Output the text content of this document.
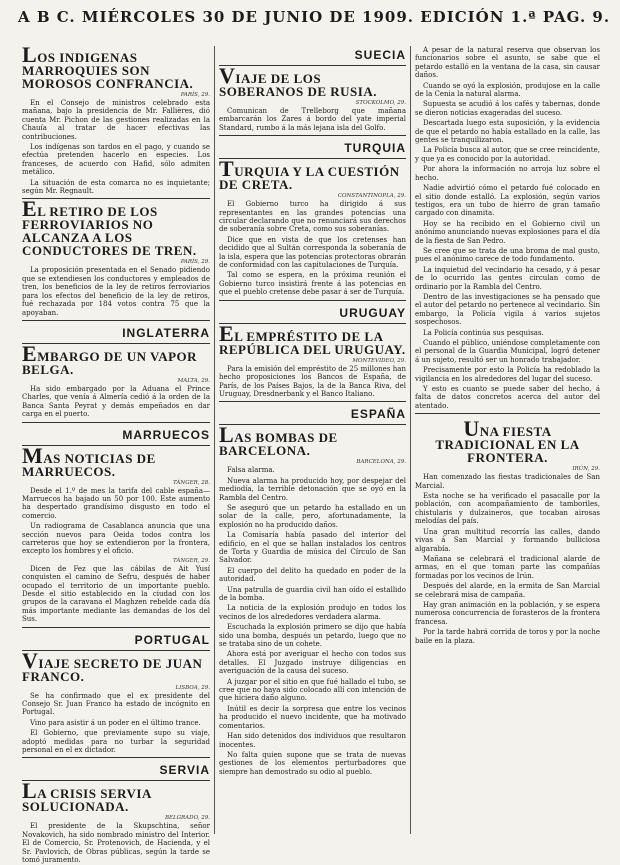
A B C. MIÉRCOLES 30 DE JUNIO DE 1909. EDICIÓN 1.ª PAG. 9.
LOS INDIGENAS MARROQUIES SON MOROSOS CONFRANCIA.
PARÍS, 29.

En el Consejo de ministros celebrado esta mañana, bajo la presidencia de Mr. Fallières, dió cuenta Mr. Pichon de las gestiones realizadas en la Chauía al tratar de hacer efectivas las contribuciones.

Los indígenas son tardos en el pago, y cuando se efectúa pretenden hacerlo en especies. Los franceses, de acuerdo con Hafid, sólo admiten metálico.

La situación de esta comarca no es inquietante; según Mr. Regnault.

EL RETIRO DE LOS FERROVIARIOS NO ALCANZA A LOS CONDUCTORES DE TREN.
PARÍS, 29.

La proposición presentada en el Senado pidiendo que se extendiesen los conductores y empleados de tren, los beneficios de la ley de retiros ferroviarios para los efectos del beneficio de la ley de retiros, fué rechazada por 184 votos contra 75 que la apoyaban.

INGLATERRA
EMBARGO DE UN VAPOR BELGA.
MALTA, 29.

Ha sido embargado por la Aduana el Prince Charles, que venía á Almería cedió á la orden de la Banca Santa Peyrat y demás empeñados en dar carga en el puerto.

MARRUECOS
MAS NOTICIAS DE MARRUECOS.
TÁNGER, 28.

Desde el 1.º de mes la tarifa del cable españa—Marruecos ha bajado un 50 por 100. Este aumento ha despertado grandísimo disgusto en todo el comercio.

Un radiograma de Casablanca anuncia que una sección nuevos para Oeida todos contra los carreteros que hoy se extendieron por la frontera, excepto los hombres y el oficio.

TÁNGER, 29.

Dicen de Fez que las cábilas de Ait Yusí conquisten el camino de Sefru, después de haber ocupado el territorio de un importante pueblo. Desde el sitio establecido en la ciudad con los grupos de la caravana el Maghzen rebelde cada día más importante mediante las demandas de los del Sus.

PORTUGAL
VIAJE SECRETO DE JUAN FRANCO.
LISBOA, 29.

Se ha confirmado que el ex presidente del Consejo Sr. Juan Franco ha estado de incógnito en Portugal.

Vino para asistir á un poder en el último trance.

El Gobierno, que previamente supo su viaje, adoptó medidas para no turbar la seguridad personal en el ex dictador.

SERVIA
LA CRISIS SERVIA SOLUCIONADA.
BELGRADO, 29.

El presidente de la Skupschtina, señor Novakovich, ha sido nombrado ministro del Interior. El de Comercio, Sr. Protenovich, de Hacienda, y el Sr. Pavlovich, de Obras públicas, según la tarde se tomó juramento.

SUECIA
VIAJE DE LOS SOBERANOS DE RUSIA.
STOCKOLMO, 29.

Comunican de Trelleborg que mañana embarcarán los Zares á bordo del yate imperial Standard, rumbo á la más lejana isla del Golfo.

TURQUIA
TURQUIA Y LA CUESTIÓN DE CRETA.
CONSTANTINOPLA, 29.

El Gobierno turco ha dirigido á sus representantes en las grandes potencias una circular declarando que no renunciará sus derechos de soberanía sobre Creta, como sus soberanías.

Dice que en vista de que los cretenses han decidido que al Sultán corresponda la soberanía de la isla, espera que las potencias protectoras obrarán de conformidad con las capitulaciones de Turquía.

Tal como se espera, en la próxima reunión el Gobierno turco insistirá frente á las potencias en que el pueblo cretense debe pasar á ser de Turquía.

URUGUAY
EL EMPRÉSTITO DE LA REPÚBLICA DEL URUGUAY.
MONTEVIDEO, 29.

Para la emisión del empréstito de 25 millones han hecho proposiciones los Bancos de España, de París, de los Países Bajos, la de la Banca Riva, del Uruguay, Dresdnerbank y el Banco Italiano.

ESPAÑA
LAS BOMBAS DE BARCELONA.
BARCELONA, 29.

Falsa alarma.

Nueva alarma ha producido hoy, por despejar del mediodía, la terrible detonación que se oyó en la Rambla del Centro.

Se aseguró que un petardo ha estallado en un solar de la calle, pero, afortunadamente, la explosión no ha producido daños.

La Comisaría había pasado del interior del edificio, en el que se hallan instalados los centros de Torta y Guardia de música del Círculo de San Salvador.

El cuerpo del delito ha quedado en poder de la autoridad.

Una patrulla de guardia civil han oído el estallido de la bomba.

La noticia de la explosión produjo en todos los vecinos de los alrededores verdadera alarma.

Escuchada la explosión primero se dijo que había sido una bomba, después un petardo, luego que no se trataba sino de un cohete.

Ahora está por averiguar el hecho con todos sus detalles. El Juzgado instruye diligencias en averiguación de la causa del suceso.

A juzgar por el sitio en que fué hallado el tubo, se cree que no haya sido colocado allí con intención de que hiciera daño alguno.

Inútil es decir la sorpresa que entre los vecinos ha producido el nuevo incidente, que ha motivado comentarios.

Han sido detenidos dos individuos que resultaron inocentes.

No falta quien supone que se trata de nuevas gestiones de los elementos perturbadores que siempre han demostrado su odio al pueblo.

A pesar de la natural reserva que observan los funcionarios sobre el asunto, se sabe que el petardo estalló en la ventana de la casa, sin causar daños.

Cuando se oyó la explosión, produjose en la calle de la Cenia la natural alarma.

Supuesta se acudió á los cafés y tabernas, donde se dieron noticias exageradas del suceso.

Descartada luego esta suposición, y la evidencia de que el petardo no había estallado en la calle, las gentes se tranquilizaron.

La Policía busca al autor, que se cree reincidente, y que ya es conocido por la autoridad.

Por ahora la información no arroja luz sobre el hecho.

Nadie advirtió cómo el petardo fué colocado en el sitio donde estalló. La explosión, según varios testigos, era un tubo de hierro de gran tamaño cargado con dinamita.

Hoy se ha recibido en el Gobierno civil un anónimo anunciando nuevas explosiones para el día de la fiesta de San Pedro.

Se cree que se trata de una broma de mal gusto, pues el anónimo carece de todo fundamento.

La inquietud del vecindario ha cesado, y á pesar de lo ocurrido las gentes circulan como de ordinario por la Rambla del Centro.

Dentro de las investigaciones se ha pensado que el autor del petardo no pertenece al vecindario. Sin embargo, la Policía vigila á varios sujetos sospechosos.

La Policía continúa sus pesquisas.

Cuando el público, uniéndose completamente con el personal de la Guardia Municipal, logró detener á un sujeto, resultó ser un honrado trabajador.

Precisamente por esto la Policía ha redoblado la vigilancia en los alrededores del lugar del suceso.

Y esto es cuanto se puede saber del hecho, á falta de datos concretos acerca del autor del atentado.

UNA FIESTA TRADICIONAL EN LA FRONTERA.
IRÚN, 29.

Han comenzado las fiestas tradicionales de San Marcial.

Esta noche se ha verificado el pasacalle por la población, con acompañamiento de tamboriles, chistularis y dulzaineros, que tocaban airosas melodías del país.

Una gran multitud recorría las calles, dando vivas á San Marcial y formando bulliciosa algarabía.

Mañana se celebrará el tradicional alarde de armas, en el que toman parte las compañías formadas por los vecinos de Irún.

Después del alarde, en la ermita de San Marcial se celebrará misa de campaña.

Hay gran animación en la población, y se espera numerosa concurrencia de forasteros de la frontera francesa.

Por la tarde habrá corrida de toros y por la noche baile en la plaza.
